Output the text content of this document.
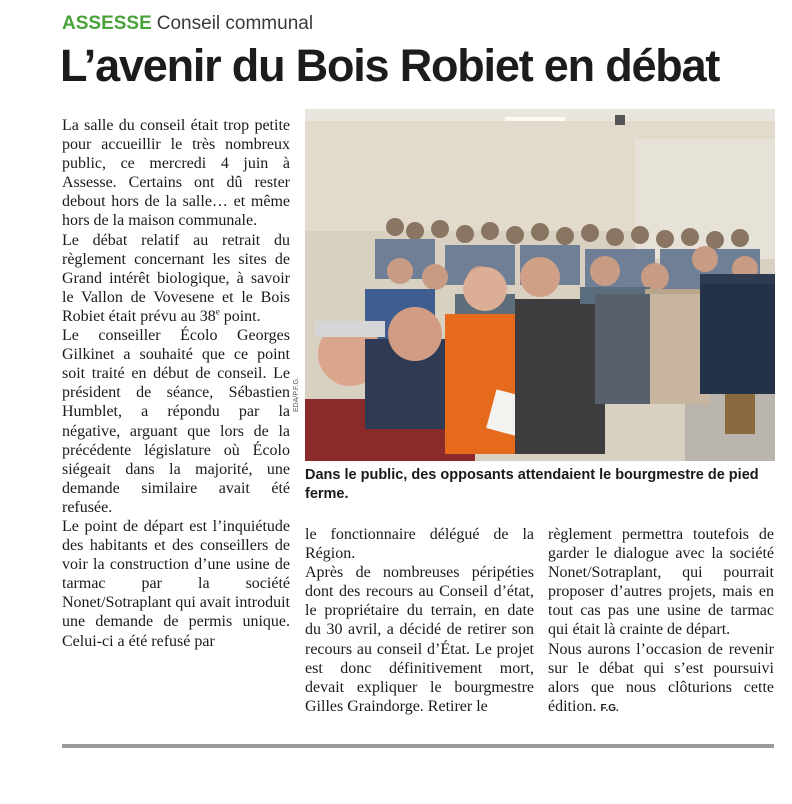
ASSESSE Conseil communal
L’avenir du Bois Robiet en débat

La salle du conseil était trop petite pour accueillir le très nombreux public, ce mercredi 4 juin à Assesse. Certains ont dû rester debout hors de la salle… et même hors de la maison communale.

Le débat relatif au retrait du règlement concernant les sites de Grand intérêt biologique, à savoir le Vallon de Vovesene et le Bois Robiet était prévu au 38e point.

Le conseiller Écolo Georges Gilkinet a souhaité que ce point soit traité en début de conseil. Le président de séance, Sébastien Humblet, a répondu par la négative, arguant que lors de la précédente législature où Écolo siégeait dans la majorité, une demande similaire avait été refusée.

Le point de départ est l’inquiétude des habitants et des conseillers de voir la construction d’une usine de tarmac par la société Nonet/Sotraplant qui avait introduit une demande de permis unique. Celui-ci a été refusé par

EDA/P.F.G.

Dans le public, des opposants attendaient le bourgmestre de pied ferme.

le fonctionnaire délégué de la Région.

Après de nombreuses péripéties dont des recours au Conseil d’état, le propriétaire du terrain, en date du 30 avril, a décidé de retirer son recours au conseil d’État. Le projet est donc définitivement mort, devait expliquer le bourgmestre Gilles Graindorge. Retirer le

règlement permettra toutefois de garder le dialogue avec la société Nonet/Sotraplant, qui pourrait proposer d’autres projets, mais en tout cas pas une usine de tarmac qui était là crainte de départ.

Nous aurons l’occasion de revenir sur le débat qui s’est poursuivi alors que nous clôturions cette édition. F.G.
